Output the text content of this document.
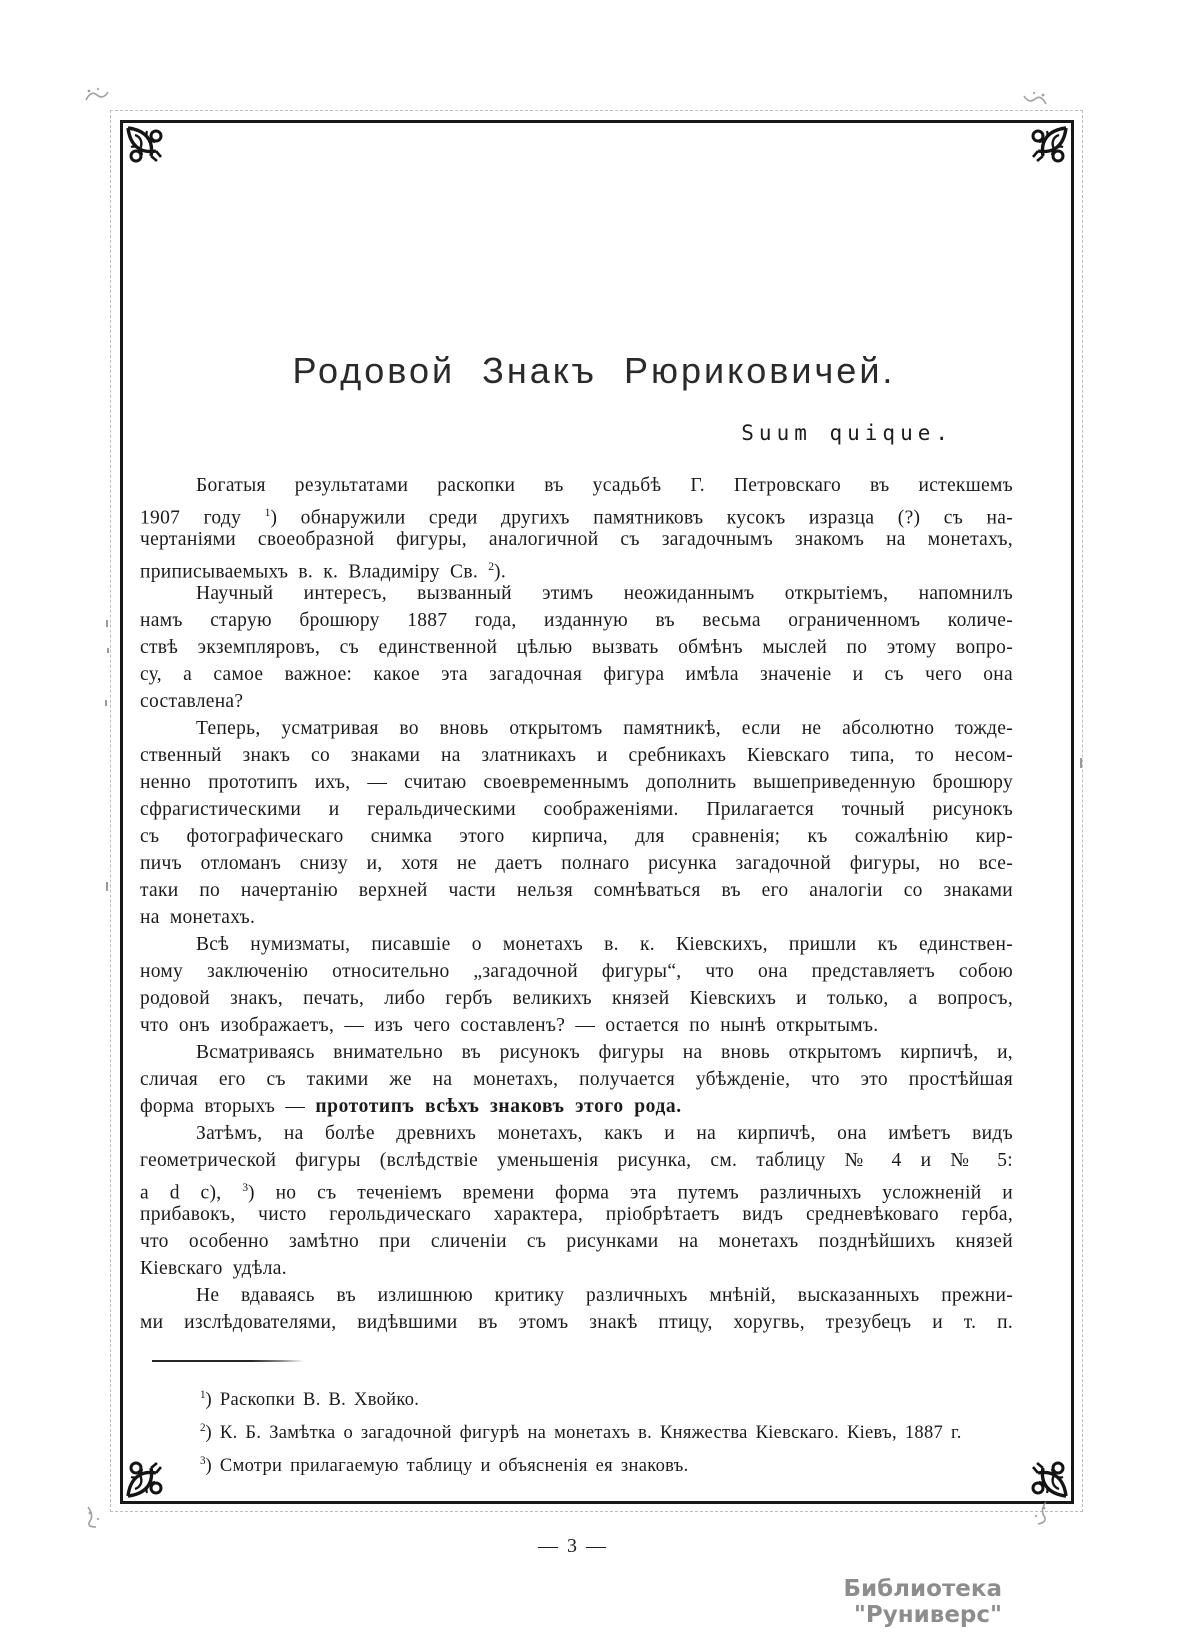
Родовой Знакъ Рюриковичей.
Suum quique.
Богатыя результатами раскопки въ усадьбѣ Г. Петровскаго въ истекшемъ
1907 году $^1$) обнаружили среди другихъ памятниковъ кусокъ изразца (?) съ на-
чертаніями своеобразной фигуры, аналогичной съ загадочнымъ знакомъ на монетахъ,
приписываемыхъ в. к. Владиміру Св. $^2$).
Научный интересъ, вызванный этимъ неожиданнымъ открытіемъ, напомнилъ
намъ старую брошюру 1887 года, изданную въ весьма ограниченномъ количе-
ствѣ экземпляровъ, съ единственной цѣлью вызвать обмѣнъ мыслей по этому вопро-
су, а самое важное: какое эта загадочная фигура имѣла значеніе и съ чего она
составлена?
Теперь, усматривая во вновь открытомъ памятникѣ, если не абсолютно тожде-
ственный знакъ со знаками на златникахъ и сребникахъ Кіевскаго типа, то несом-
ненно прототипъ ихъ, — считаю своевременнымъ дополнить вышеприведенную брошюру
сфрагистическими и геральдическими соображеніями. Прилагается точный рисунокъ
съ фотографическаго снимка этого кирпича, для сравненія; къ сожалѣнію кир-
пичъ отломанъ снизу и, хотя не даетъ полнаго рисунка загадочной фигуры, но все-
таки по начертанію верхней части нельзя сомнѣваться въ его аналогіи со знаками
на монетахъ.
Всѣ нумизматы, писавшіе о монетахъ в. к. Кіевскихъ, пришли къ единствен-
ному заключенію относительно „загадочной фигуры“, что она представляетъ собою
родовой знакъ, печать, либо гербъ великихъ князей Кіевскихъ и только, а вопросъ,
что онъ изображаетъ, — изъ чего составленъ? — остается по нынѣ открытымъ.
Всматриваясь внимательно въ рисунокъ фигуры на вновь открытомъ кирпичѣ, и,
сличая его съ такими же на монетахъ, получается убѣжденіе, что это простѣйшая
форма вторыхъ — прототипъ всѣхъ знаковъ этого рода.
Затѣмъ, на болѣе древнихъ монетахъ, какъ и на кирпичѣ, она имѣетъ видъ
геометрической фигуры (вслѣдствіе уменьшенія рисунка, см. таблицу № 4 и № 5:
a d c), $^3$) но съ теченіемъ времени форма эта путемъ различныхъ усложненій и
прибавокъ, чисто герольдическаго характера, пріобрѣтаетъ видъ средневѣковаго герба,
что особенно замѣтно при сличеніи съ рисунками на монетахъ позднѣйшихъ князей
Кіевскаго удѣла.
Не вдаваясь въ излишнюю критику различныхъ мнѣній, высказанныхъ прежни-
ми изслѣдователями, видѣвшими въ этомъ знакѣ птицу, хоругвь, трезубецъ и т. п.
$^1$) Раскопки В. В. Хвойко.
$^2$) К. Б. Замѣтка о загадочной фигурѣ на монетахъ в. Княжества Кіевскаго. Кіевъ, 1887 г.
$^3$) Смотри прилагаемую таблицу и объясненія ея знаковъ.
— 3 —
Библиотека "Руниверс"
